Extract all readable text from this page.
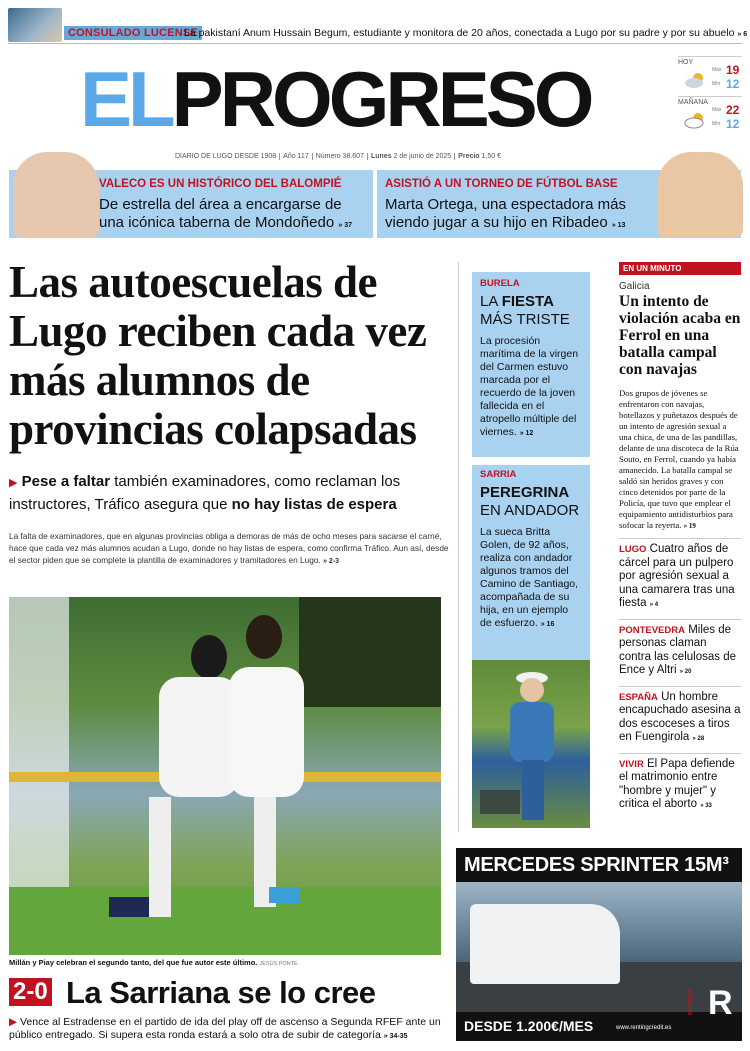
CONSULADO LUCENSE
La pakistaní Anum Hussain Begum, estudiante y monitora de 20 años, conectada a Lugo por su padre y por su abuelo » 6
ELPROGRESO
DIARIO DE LUGO DESDE 1908 Año 117 Número 38.607 Lunes 2 de junio de 2025 Precio 1,50 €
HOY
Máx
Mín
19
12
MAÑANA
Máx
Mín
22
12
VALECO ES UN HISTÓRICO DEL BALOMPIÉ
De estrella del área a encargarse de una icónica taberna de Mondoñedo » 37
ASISTIÓ A UN TORNEO DE FÚTBOL BASE
Marta Ortega, una espectadora más viendo jugar a su hijo en Ribadeo » 13
Las autoescuelas de Lugo reciben cada vez más alumnos de provincias colapsadas

▶ Pese a faltar también examinadores, como reclaman los instructores, Tráfico asegura que no hay listas de espera

La falta de examinadores, que en algunas provincias obliga a demoras de más de ocho meses para sacarse el carné, hace que cada vez más alumnos acudan a Lugo, donde no hay listas de espera, como confirma Tráfico. Aun así, desde el sector piden que se complete la plantilla de examinadores y tramitadores en Lugo. » 2-3

Millán y Piay celebran el segundo tanto, del que fue autor este último. JESÚS PONTE
2-0 La Sarriana se lo cree

▶ Vence al Estradense en el partido de ida del play off de ascenso a Segunda RFEF ante un público entregado. Si supera esta ronda estará a solo otra de subir de categoría » 34-35

BURELA
LA FIESTA
MÁS TRISTE
La procesión marítima de la virgen del Carmen estuvo marcada por el recuerdo de la joven fallecida en el atropello múltiple del viernes. » 12
SARRIA
PEREGRINA
EN ANDADOR
La sueca Britta Golen, de 92 años, realiza con andador algunos tramos del Camino de Santiago, acompañada de su hija, en un ejemplo de esfuerzo. » 16
EN UN MINUTO
Galicia
Un intento de violación acaba en Ferrol en una batalla campal con navajas
Dos grupos de jóvenes se enfrentaron con navajas, botellazos y puñetazos después de un intento de agresión sexual a una chica, de una de las pandillas, delante de una discoteca de la Rúa Souto, en Ferrol, cuando ya había amanecido. La batalla campal se saldó sin heridos graves y con cinco detenidos por parte de la Policía, que tuvo que emplear el equipamiento antidisturbios para sofocar la reyerta. » 19
LUGO Cuatro años de cárcel para un pulpero por agresión sexual a una camarera tras una fiesta » 4
PONTEVEDRA Miles de personas claman contra las celulosas de Ence y Altri » 20
ESPAÑA Un hombre encapuchado asesina a dos escoceses a tiros en Fuengirola » 28
VIVIR El Papa defiende el matrimonio entre "hombre y mujer" y critica el aborto » 33
MERCEDES SPRINTER 15M³
DESDE 1.200€/MES	www.rentingcredit.es
RENTING R
